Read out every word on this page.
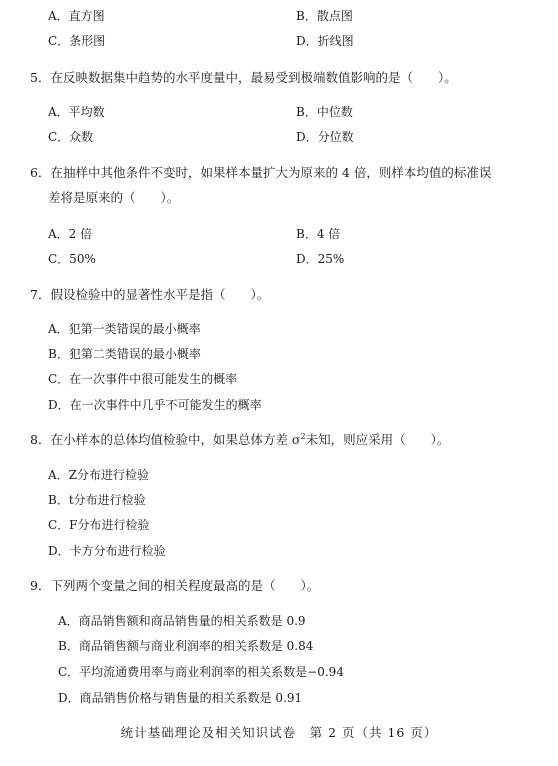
A．直方图	B．散点图
C．条形图	D．折线图
5．在反映数据集中趋势的水平度量中，最易受到极端数值影响的是（　　）。
A．平均数	B．中位数
C．众数	D．分位数
6．在抽样中其他条件不变时，如果样本量扩大为原来的 4 倍，则样本均值的标准误
差将是原来的（　　）。
A．2 倍	B．4 倍
C．50%	D．25%
7．假设检验中的显著性水平是指（　　）。
A．犯第一类错误的最小概率
B．犯第二类错误的最小概率
C．在一次事件中很可能发生的概率
D．在一次事件中几乎不可能发生的概率
8．在小样本的总体均值检验中，如果总体方差 $\sigma^2$未知，则应采用（　　）。
A．Z分布进行检验
B．t分布进行检验
C．F分布进行检验
D．卡方分布进行检验
9．下列两个变量之间的相关程度最高的是（　　）。
A．商品销售额和商品销售量的相关系数是 0.9
B．商品销售额与商业利润率的相关系数是 0.84
C．平均流通费用率与商业利润率的相关系数是−0.94
D．商品销售价格与销售量的相关系数是 0.91
统计基础理论及相关知识试卷　第 2 页（共 16 页）
